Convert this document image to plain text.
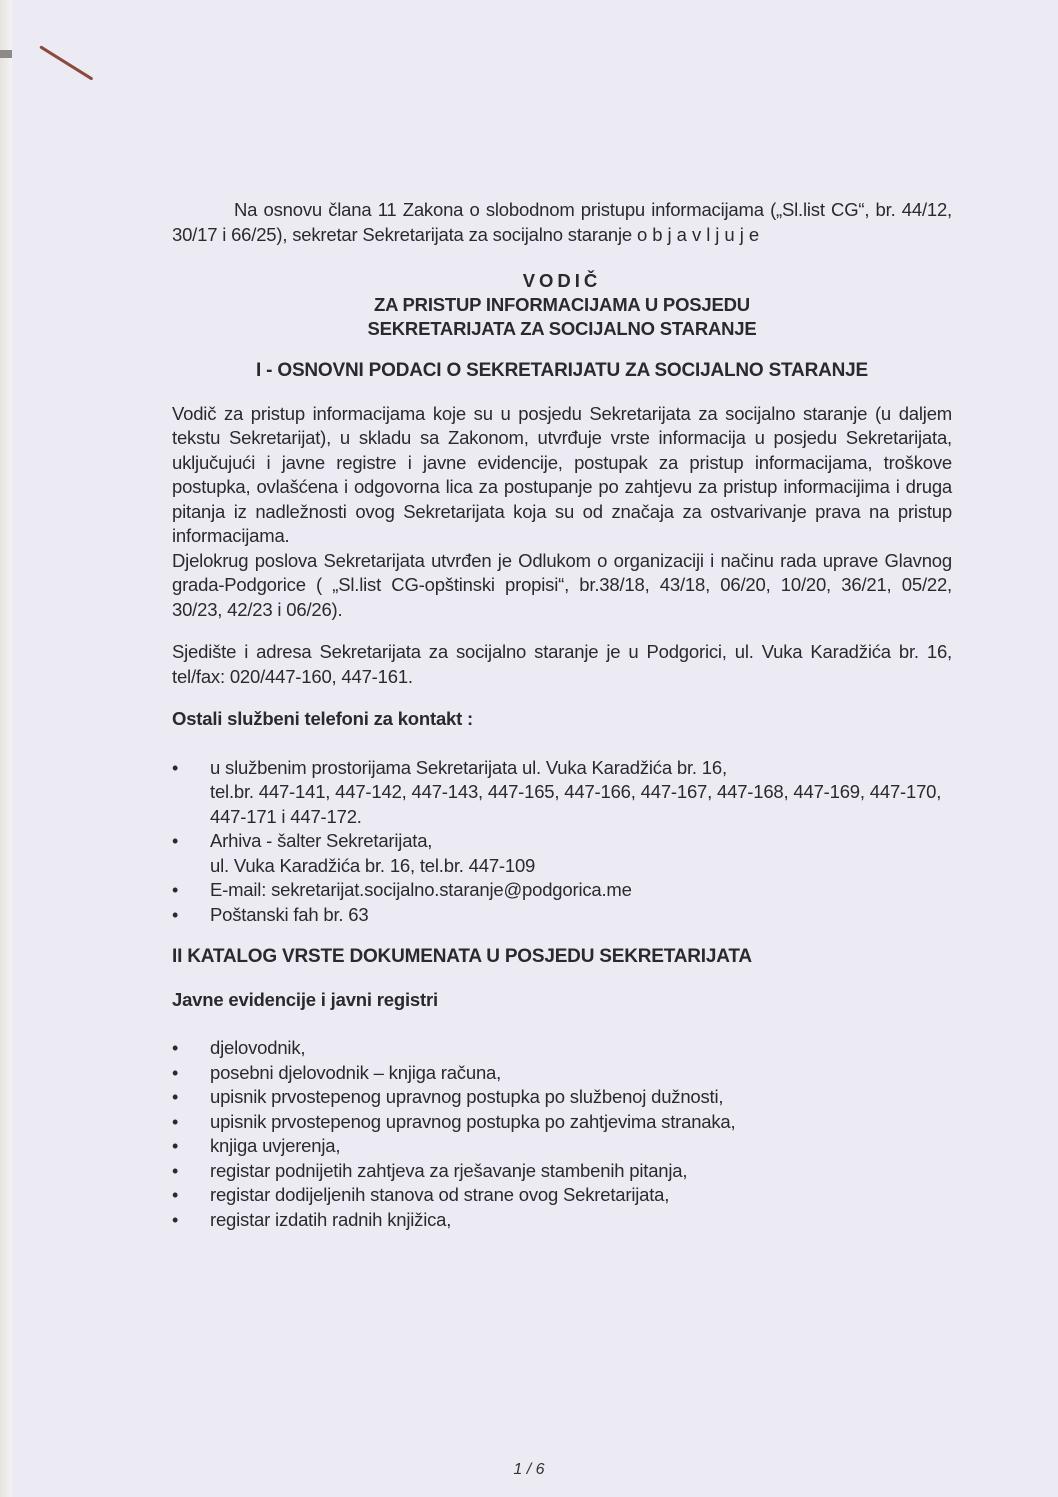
Na osnovu člana 11 Zakona o slobodnom pristupu informacijama („Sl.list CG“, br. 44/12, 30/17 i 66/25), sekretar Sekretarijata za socijalno staranje objavljuje

VODIČ
ZA PRISTUP INFORMACIJAMA U POSJEDU
SEKRETARIJATA ZA SOCIJALNO STARANJE
I - OSNOVNI PODACI O SEKRETARIJATU ZA SOCIJALNO STARANJE

Vodič za pristup informacijama koje su u posjedu Sekretarijata za socijalno staranje (u daljem tekstu Sekretarijat), u skladu sa Zakonom, utvrđuje vrste informacija u posjedu Sekretarijata, uključujući i javne registre i javne evidencije, postupak za pristup informacijama, troškove postupka, ovlašćena i odgovorna lica za postupanje po zahtjevu za pristup informacijima i druga pitanja iz nadležnosti ovog Sekretarijata koja su od značaja za ostvarivanje prava na pristup informacijama.

Djelokrug poslova Sekretarijata utvrđen je Odlukom o organizaciji i načinu rada uprave Glavnog grada-Podgorice ( „Sl.list CG-opštinski propisi“, br.38/18, 43/18, 06/20, 10/20, 36/21, 05/22, 30/23, 42/23 i 06/26).

Sjedište i adresa Sekretarijata za socijalno staranje je u Podgorici, ul. Vuka Karadžića br. 16, tel/fax: 020/447-160, 447-161.

Ostali službeni telefoni za kontakt :
• u službenim prostorijama Sekretarijata ul. Vuka Karadžića br. 16,
tel.br. 447-141, 447-142, 447-143, 447-165, 447-166, 447-167, 447-168, 447-169, 447-170, 447-171 i 447-172.
• Arhiva - šalter Sekretarijata,
ul. Vuka Karadžića br. 16, tel.br. 447-109
• E-mail: sekretarijat.socijalno.staranje@podgorica.me
• Poštanski fah br. 63
II KATALOG VRSTE DOKUMENATA U POSJEDU SEKRETARIJATA
Javne evidencije i javni registri
• djelovodnik,
• posebni djelovodnik – knjiga računa,
• upisnik prvostepenog upravnog postupka po službenoj dužnosti,
• upisnik prvostepenog upravnog postupka po zahtjevima stranaka,
• knjiga uvjerenja,
• registar podnijetih zahtjeva za rješavanje stambenih pitanja,
• registar dodijeljenih stanova od strane ovog Sekretarijata,
• registar izdatih radnih knjižica,
1 / 6
